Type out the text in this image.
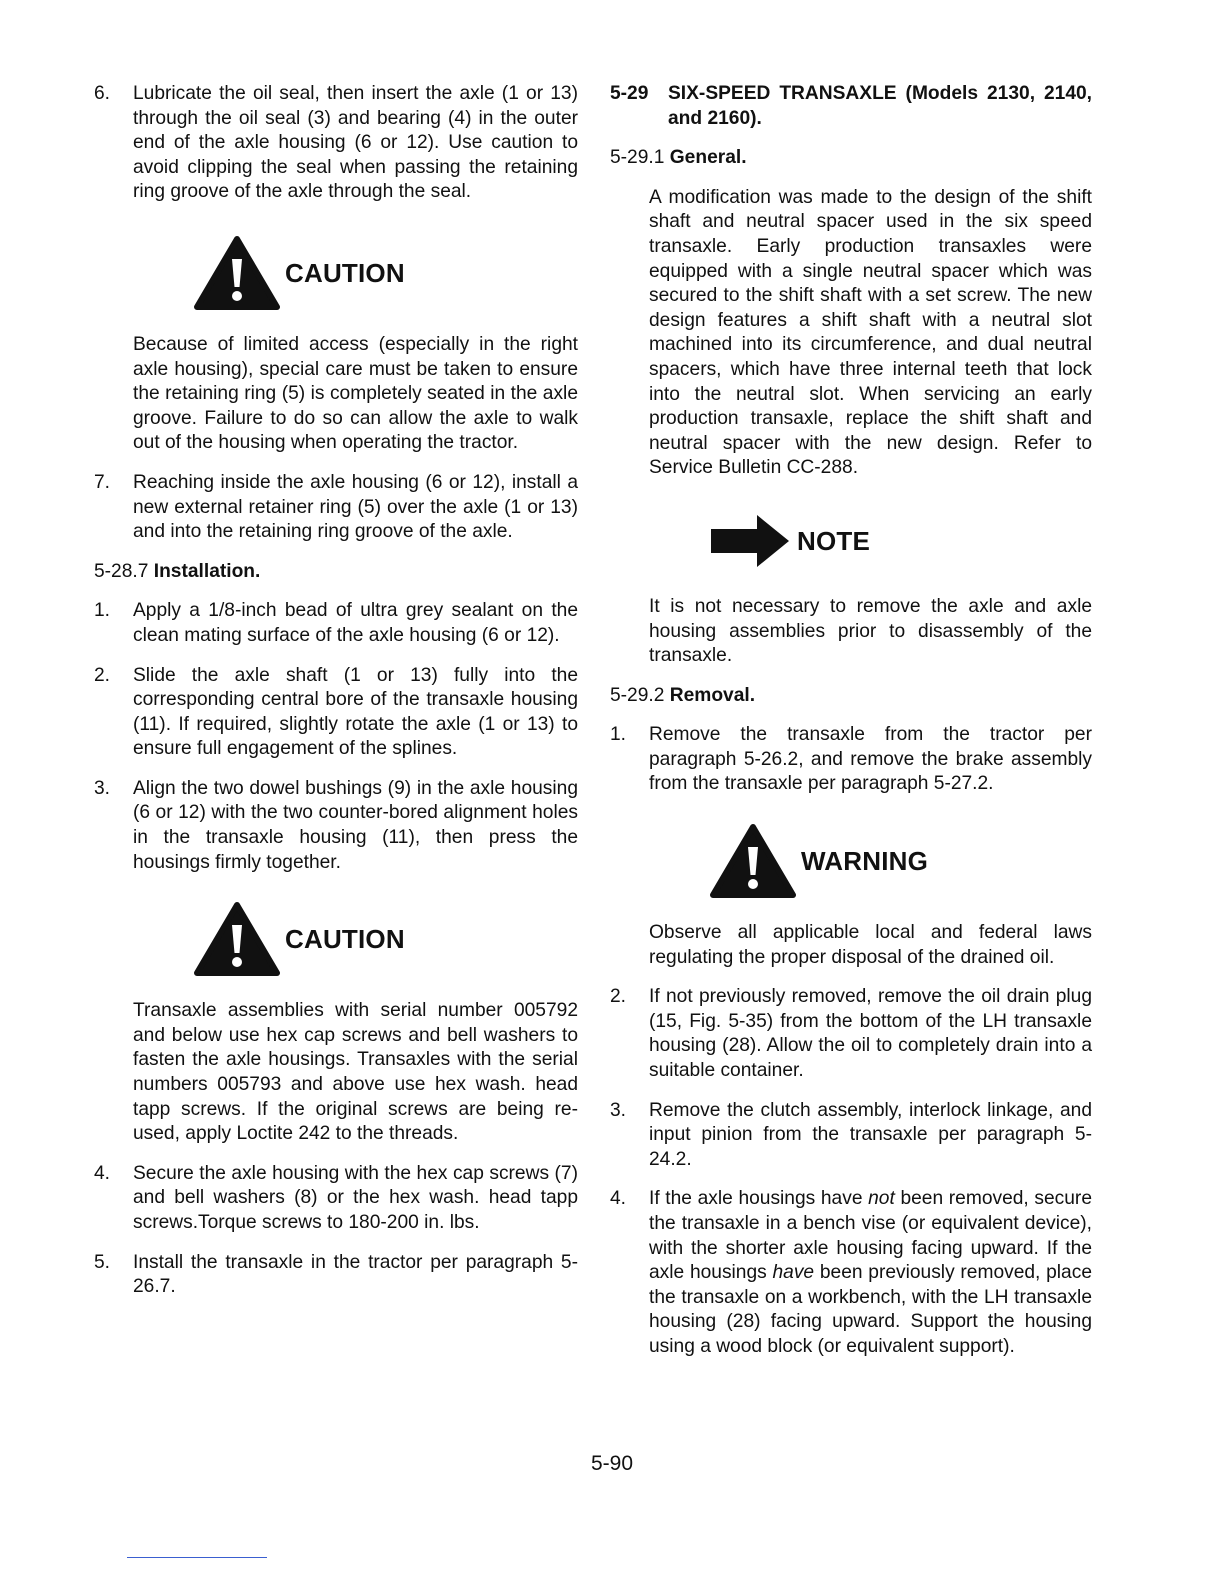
6.	Lubricate the oil seal, then insert the axle (1 or 13) through the oil seal (3) and bearing (4) in the outer end of the axle housing (6 or 12). Use caution to avoid clipping the seal when passing the retaining ring groove of the axle through the seal.
CAUTION

Because of limited access (especially in the right axle housing), special care must be taken to ensure the retaining ring (5) is completely seated in the axle groove. Failure to do so can allow the axle to walk out of the housing when operating the tractor.

7.	Reaching inside the axle housing (6 or 12), install a new external retainer ring (5) over the axle (1 or 13) and into the retaining ring groove of the axle.

5-28.7 Installation.

1.	Apply a 1/8-inch bead of ultra grey sealant on the clean mating surface of the axle housing (6 or 12).
2.	Slide the axle shaft (1 or 13) fully into the corresponding central bore of the transaxle housing (11). If required, slightly rotate the axle (1 or 13) to ensure full engagement of the splines.
3.	Align the two dowel bushings (9) in the axle housing (6 or 12) with the two counter-bored alignment holes in the transaxle housing (11), then press the housings firmly together.
CAUTION

Transaxle assemblies with serial number 005792 and below use hex cap screws and bell washers to fasten the axle housings. Transaxles with the serial numbers 005793 and above use hex wash. head tapp screws. If the original screws are being re-used, apply Loctite 242 to the threads.

4.	Secure the axle housing with the hex cap screws (7) and bell washers (8) or the hex wash. head tapp screws.Torque screws to 180-200 in. lbs.
5.	Install the transaxle in the tractor per paragraph 5-26.7.
5-29	SIX-SPEED TRANSAXLE (Models 2130, 2140, and 2160).

5-29.1 General.

A modification was made to the design of the shift shaft and neutral spacer used in the six speed transaxle. Early production transaxles were equipped with a single neutral spacer which was secured to the shift shaft with a set screw. The new design features a shift shaft with a neutral slot machined into its circumference, and dual neutral spacers, which have three internal teeth that lock into the neutral slot. When servicing an early production transaxle, replace the shift shaft and neutral spacer with the new design. Refer to Service Bulletin CC-288.

NOTE

It is not necessary to remove the axle and axle housing assemblies prior to disassembly of the transaxle.

5-29.2 Removal.

1.	Remove the transaxle from the tractor per paragraph 5-26.2, and remove the brake assembly from the transaxle per paragraph 5-27.2.
WARNING

Observe all applicable local and federal laws regulating the proper disposal of the drained oil.

2.	If not previously removed, remove the oil drain plug (15, Fig. 5-35) from the bottom of the LH transaxle housing (28). Allow the oil to completely drain into a suitable container.
3.	Remove the clutch assembly, interlock linkage, and input pinion from the transaxle per paragraph 5-24.2.
4.	If the axle housings have not been removed, secure the transaxle in a bench vise (or equivalent device), with the shorter axle housing facing upward. If the axle housings have been previously removed, place the transaxle on a workbench, with the LH transaxle housing (28) facing upward. Support the housing using a wood block (or equivalent support).
5-90
